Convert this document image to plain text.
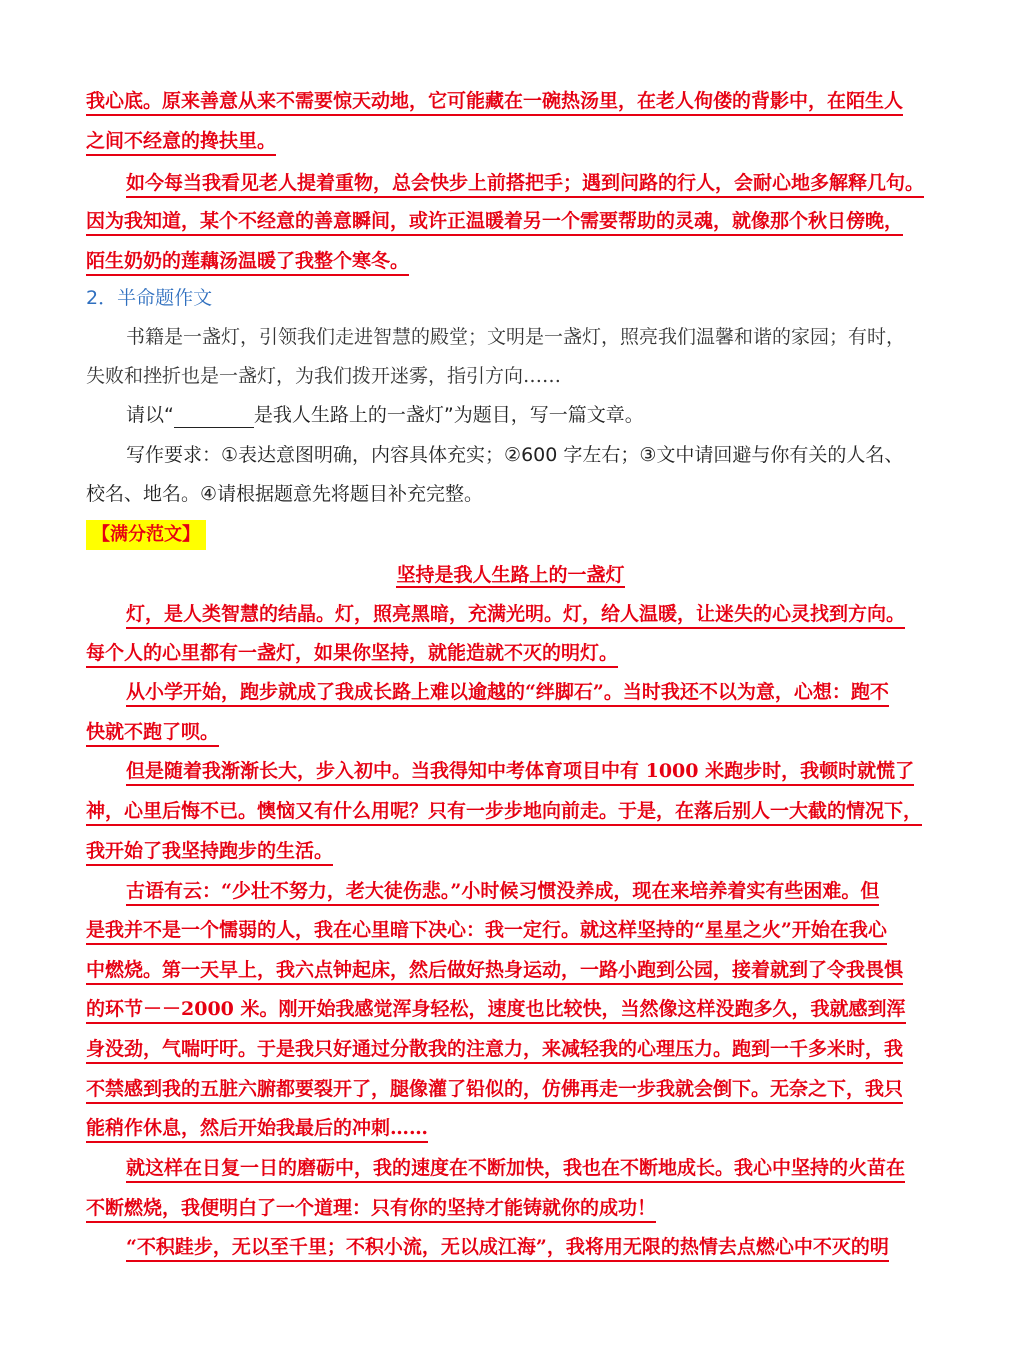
我心底。原来善意从来不需要惊天动地，它可能藏在一碗热汤里，在老人佝偻的背影中，在陌生人
之间不经意的搀扶里。
如今每当我看见老人提着重物，总会快步上前搭把手；遇到问路的行人，会耐心地多解释几句。
因为我知道，某个不经意的善意瞬间，或许正温暖着另一个需要帮助的灵魂，就像那个秋日傍晚，
陌生奶奶的莲藕汤温暖了我整个寒冬。
2．半命题作文
书籍是一盏灯，引领我们走进智慧的殿堂；文明是一盏灯，照亮我们温馨和谐的家园；有时，
失败和挫折也是一盏灯，为我们拨开迷雾，指引方向……
请以“	是我人生路上的一盏灯”为题目，写一篇文章。
写作要求：①表达意图明确，内容具体充实；②600 字左右；③文中请回避与你有关的人名、
校名、地名。④请根据题意先将题目补充完整。
【满分范文】
坚持是我人生路上的一盏灯
灯，是人类智慧的结晶。灯，照亮黑暗，充满光明。灯，给人温暖，让迷失的心灵找到方向。
每个人的心里都有一盏灯，如果你坚持，就能造就不灭的明灯。
从小学开始，跑步就成了我成长路上难以逾越的“绊脚石”。当时我还不以为意，心想：跑不
快就不跑了呗。
但是随着我渐渐长大，步入初中。当我得知中考体育项目中有 1000 米跑步时，我顿时就慌了
神，心里后悔不已。懊恼又有什么用呢？只有一步步地向前走。于是，在落后别人一大截的情况下，
我开始了我坚持跑步的生活。
古语有云：“少壮不努力，老大徒伤悲。”小时候习惯没养成，现在来培养着实有些困难。但
是我并不是一个懦弱的人，我在心里暗下决心：我一定行。就这样坚持的“星星之火”开始在我心
中燃烧。第一天早上，我六点钟起床，然后做好热身运动，一路小跑到公园，接着就到了令我畏惧
的环节－－2000 米。刚开始我感觉浑身轻松，速度也比较快，当然像这样没跑多久，我就感到浑
身没劲，气喘吁吁。于是我只好通过分散我的注意力，来减轻我的心理压力。跑到一千多米时，我
不禁感到我的五脏六腑都要裂开了，腿像灌了铅似的，仿佛再走一步我就会倒下。无奈之下，我只
能稍作休息，然后开始我最后的冲刺……
就这样在日复一日的磨砺中，我的速度在不断加快，我也在不断地成长。我心中坚持的火苗在
不断燃烧，我便明白了一个道理：只有你的坚持才能铸就你的成功！
“不积跬步，无以至千里；不积小流，无以成江海”，我将用无限的热情去点燃心中不灭的明
